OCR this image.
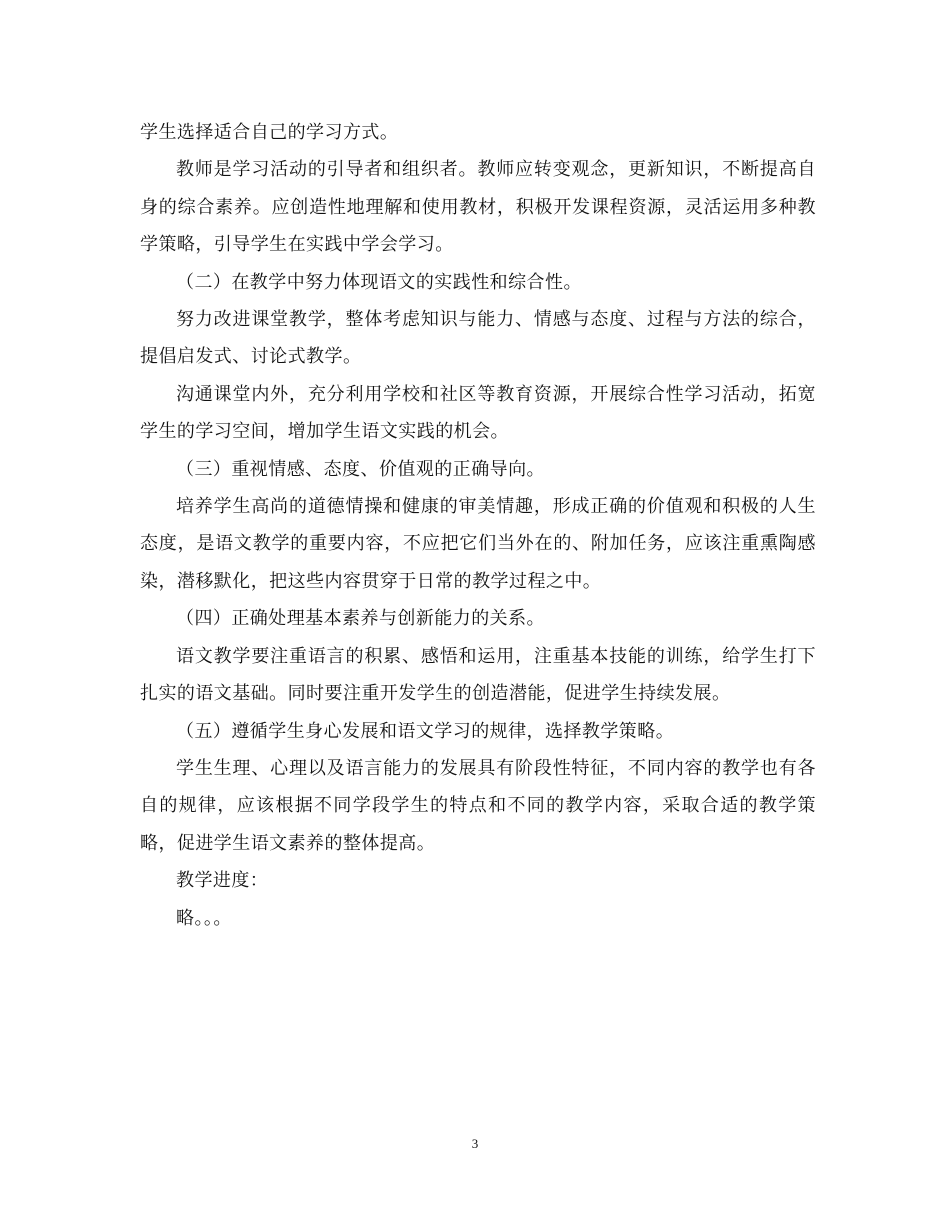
学生选择适合自己的学习方式。

教师是学习活动的引导者和组织者。教师应转变观念，更新知识，不断提高自身的综合素养。应创造性地理解和使用教材，积极开发课程资源，灵活运用多种教学策略，引导学生在实践中学会学习。

（二）在教学中努力体现语文的实践性和综合性。

努力改进课堂教学，整体考虑知识与能力、情感与态度、过程与方法的综合，提倡启发式、讨论式教学。

沟通课堂内外，充分利用学校和社区等教育资源，开展综合性学习活动，拓宽学生的学习空间，增加学生语文实践的机会。

（三）重视情感、态度、价值观的正确导向。

培养学生高尚的道德情操和健康的审美情趣，形成正确的价值观和积极的人生态度，是语文教学的重要内容，不应把它们当外在的、附加任务，应该注重熏陶感染，潜移默化，把这些内容贯穿于日常的教学过程之中。

（四）正确处理基本素养与创新能力的关系。

语文教学要注重语言的积累、感悟和运用，注重基本技能的训练，给学生打下扎实的语文基础。同时要注重开发学生的创造潜能，促进学生持续发展。

（五）遵循学生身心发展和语文学习的规律，选择教学策略。

学生生理、心理以及语言能力的发展具有阶段性特征，不同内容的教学也有各自的规律，应该根据不同学段学生的特点和不同的教学内容，采取合适的教学策略，促进学生语文素养的整体提高。

教学进度：

略。。。

3
